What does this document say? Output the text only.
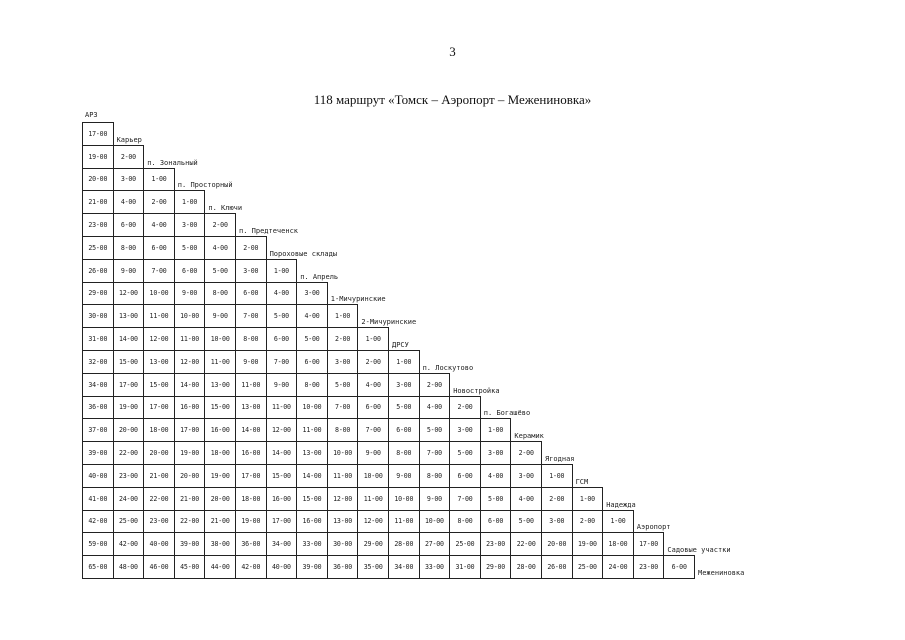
3
118 маршрут «Томск – Аэропорт – Межениновка»
АРЗ
17-00
Карьер
19-00	2-00
п. Зональный
20-00	3-00	1-00
п. Просторный
21-00	4-00	2-00	1-00
п. Ключи
23-00	6-00	4-00	3-00	2-00
п. Предтеченск
25-00	8-00	6-00	5-00	4-00	2-00
Пороховые склады
26-00	9-00	7-00	6-00	5-00	3-00	1-00
п. Апрель
29-00	12-00	10-00	9-00	8-00	6-00	4-00	3-00
1-Мичуринские
30-00	13-00	11-00	10-00	9-00	7-00	5-00	4-00	1-00
2-Мичуринские
31-00	14-00	12-00	11-00	10-00	8-00	6-00	5-00	2-00	1-00
ДРСУ
32-00	15-00	13-00	12-00	11-00	9-00	7-00	6-00	3-00	2-00	1-00
п. Лоскутово
34-00	17-00	15-00	14-00	13-00	11-00	9-00	8-00	5-00	4-00	3-00	2-00
Новостройка
36-00	19-00	17-00	16-00	15-00	13-00	11-00	10-00	7-00	6-00	5-00	4-00	2-00
п. Богашёво
37-00	20-00	18-00	17-00	16-00	14-00	12-00	11-00	8-00	7-00	6-00	5-00	3-00	1-00
Керамик
39-00	22-00	20-00	19-00	18-00	16-00	14-00	13-00	10-00	9-00	8-00	7-00	5-00	3-00	2-00
Ягодная
40-00	23-00	21-00	20-00	19-00	17-00	15-00	14-00	11-00	10-00	9-00	8-00	6-00	4-00	3-00	1-00
ГСМ
41-00	24-00	22-00	21-00	20-00	18-00	16-00	15-00	12-00	11-00	10-00	9-00	7-00	5-00	4-00	2-00	1-00
Надежда
42-00	25-00	23-00	22-00	21-00	19-00	17-00	16-00	13-00	12-00	11-00	10-00	8-00	6-00	5-00	3-00	2-00	1-00
Аэропорт
59-00	42-00	40-00	39-00	38-00	36-00	34-00	33-00	30-00	29-00	28-00	27-00	25-00	23-00	22-00	20-00	19-00	18-00	17-00
Садовые участки
65-00	48-00	46-00	45-00	44-00	42-00	40-00	39-00	36-00	35-00	34-00	33-00	31-00	29-00	28-00	26-00	25-00	24-00	23-00	6-00
Межениновка
